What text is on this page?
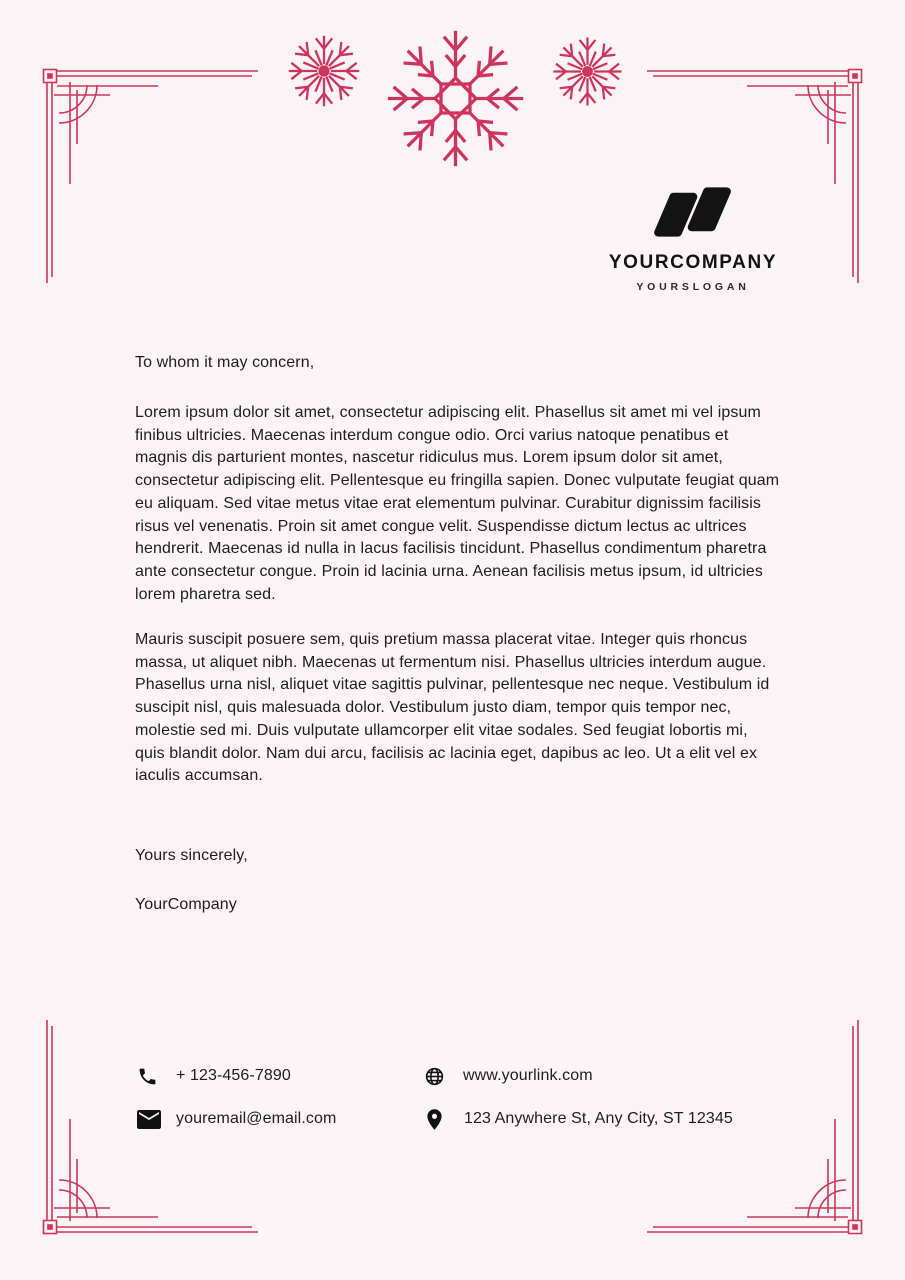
YOURCOMPANY
YOURSLOGAN

To whom it may concern,

Lorem ipsum dolor sit amet, consectetur adipiscing elit. Phasellus sit amet mi vel ipsum finibus ultricies. Maecenas interdum congue odio. Orci varius natoque penatibus et magnis dis parturient montes, nascetur ridiculus mus. Lorem ipsum dolor sit amet, consectetur adipiscing elit. Pellentesque eu fringilla sapien. Donec vulputate feugiat quam eu aliquam. Sed vitae metus vitae erat elementum pulvinar. Curabitur dignissim facilisis risus vel venenatis. Proin sit amet congue velit. Suspendisse dictum lectus ac ultrices hendrerit. Maecenas id nulla in lacus facilisis tincidunt. Phasellus condimentum pharetra ante consectetur congue. Proin id lacinia urna. Aenean facilisis metus ipsum, id ultricies lorem pharetra sed.

Mauris suscipit posuere sem, quis pretium massa placerat vitae. Integer quis rhoncus massa, ut aliquet nibh. Maecenas ut fermentum nisi. Phasellus ultricies interdum augue. Phasellus urna nisl, aliquet vitae sagittis pulvinar, pellentesque nec neque. Vestibulum id suscipit nisl, quis malesuada dolor. Vestibulum justo diam, tempor quis tempor nec, molestie sed mi. Duis vulputate ullamcorper elit vitae sodales. Sed feugiat lobortis mi, quis blandit dolor. Nam dui arcu, facilisis ac lacinia eget, dapibus ac leo. Ut a elit vel ex iaculis accumsan.

Yours sincerely,

YourCompany

+ 123-456-7890	www.yourlink.com
youremail@email.com	123 Anywhere St, Any City, ST 12345
